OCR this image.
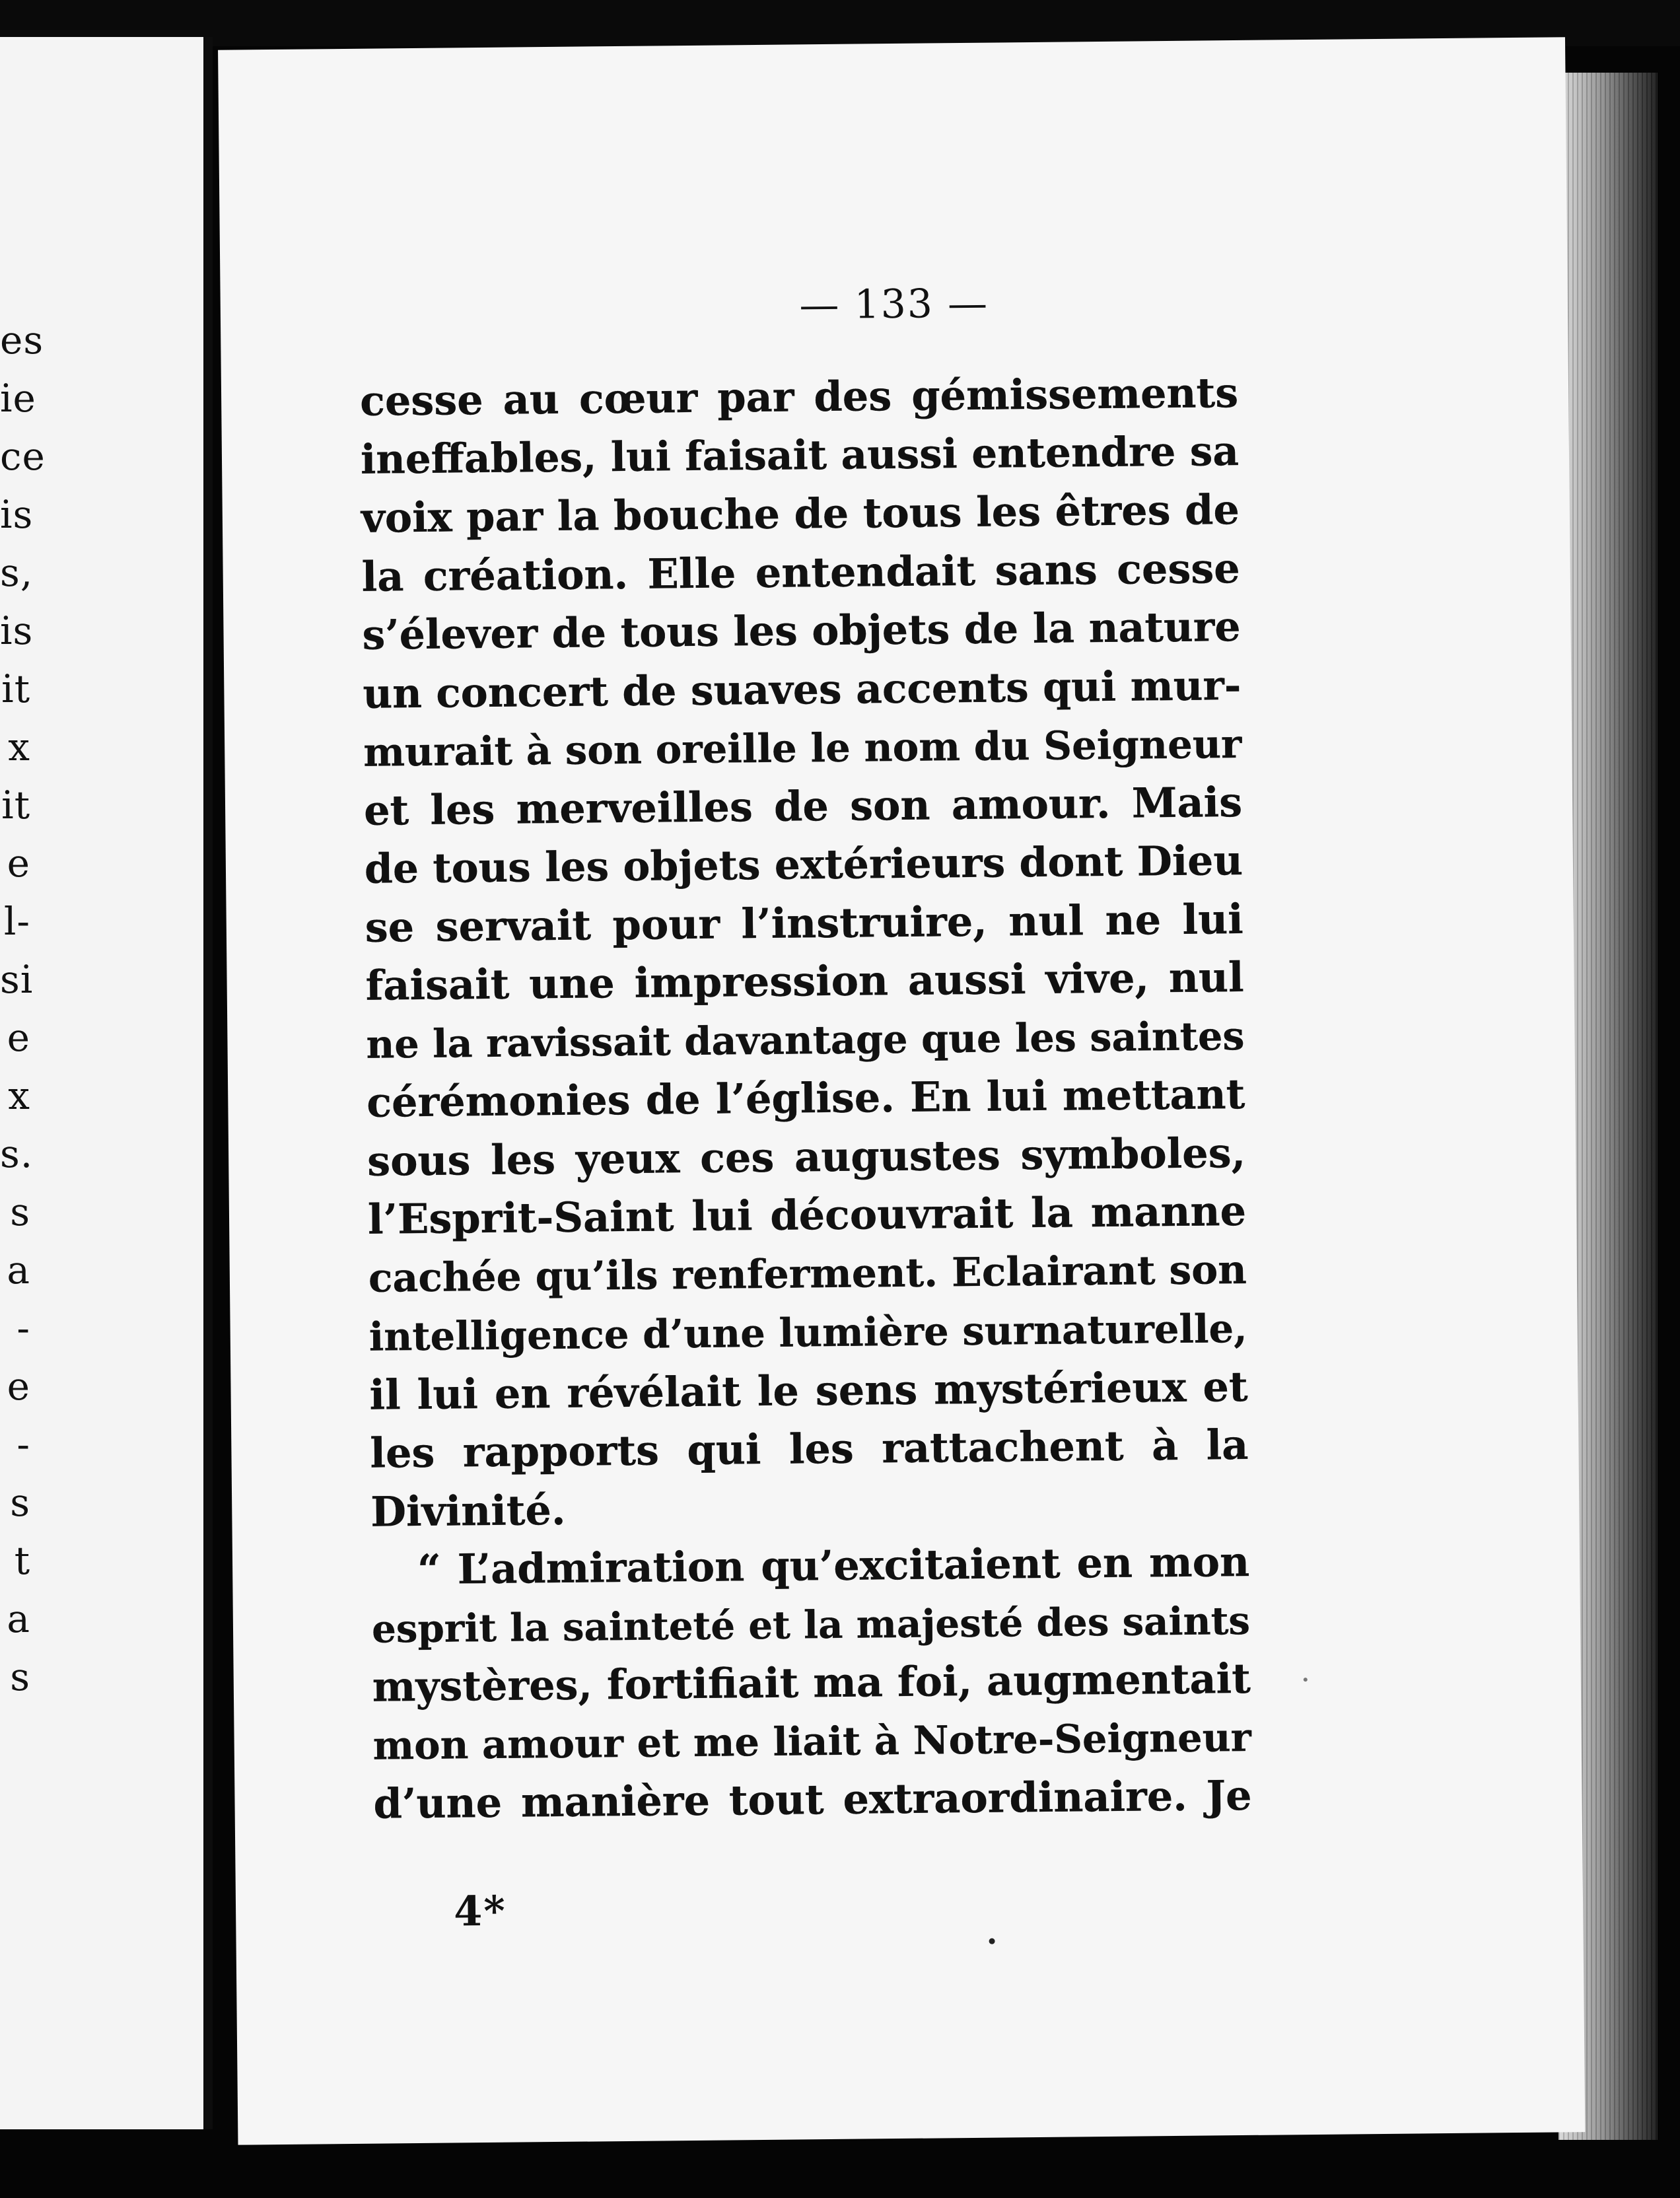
es
ie
ce
is
s,
is
it
x
it
e
l-
si
e
x
s.
s
a
-
e
-
s
t
a
s
— 133 —
cesse au cœur par des gémissements
ineffables, lui faisait aussi entendre sa
voix par la bouche de tous les êtres de
la création. Elle entendait sans cesse
s’élever de tous les objets de la nature
un concert de suaves accents qui mur-
murait à son oreille le nom du Seigneur
et les merveilles de son amour. Mais
de tous les objets extérieurs dont Dieu
se servait pour l’instruire, nul ne lui
faisait une impression aussi vive, nul
ne la ravissait davantage que les saintes
cérémonies de l’église. En lui mettant
sous les yeux ces augustes symboles,
l’Esprit-Saint lui découvrait la manne
cachée qu’ils renferment. Eclairant son
intelligence d’une lumière surnaturelle,
il lui en révélait le sens mystérieux et
les rapports qui les rattachent à la
Divinité.
“ L’admiration qu’excitaient en mon
esprit la sainteté et la majesté des saints
mystères, fortifiait ma foi, augmentait
mon amour et me liait à Notre-Seigneur
d’une manière tout extraordinaire. Je
4*
